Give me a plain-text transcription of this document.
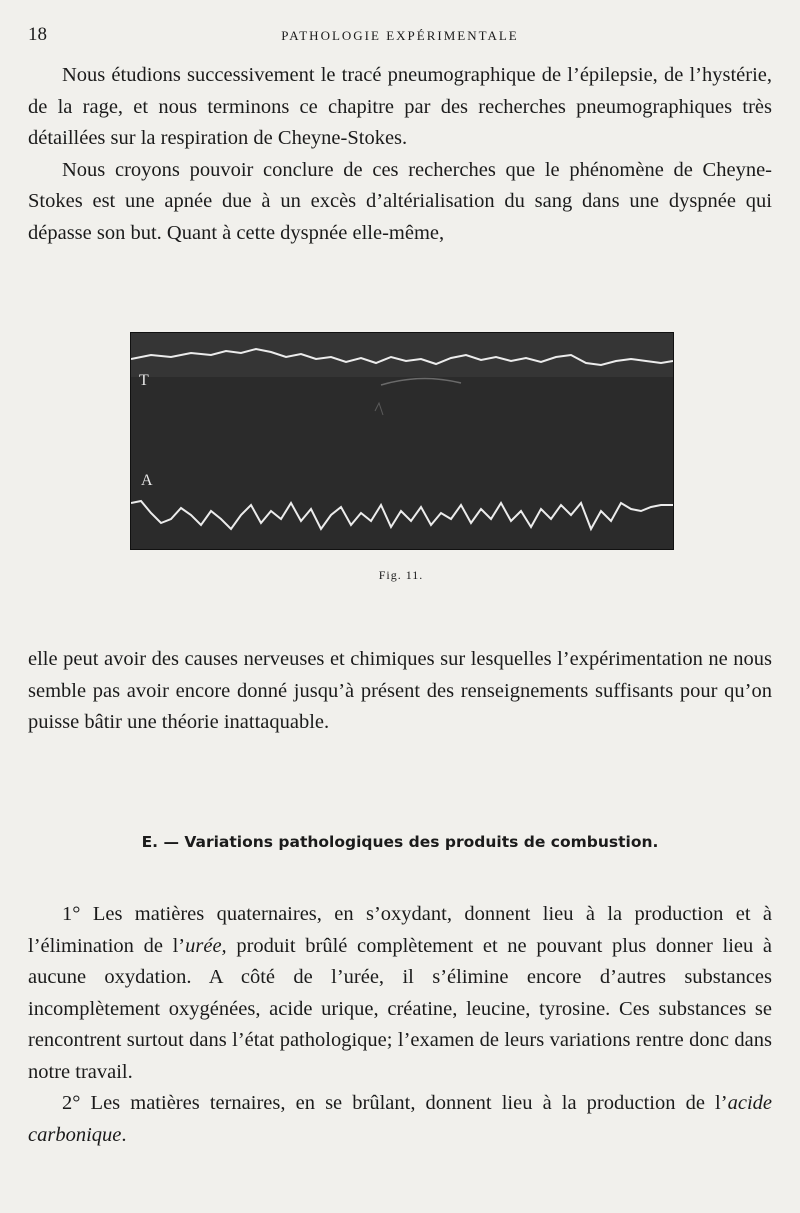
18	PATHOLOGIE EXPÉRIMENTALE

Nous étudions successivement le tracé pneumographique de l’épilepsie, de l’hystérie, de la rage, et nous terminons ce chapitre par des recherches pneumographiques très détaillées sur la respiration de Cheyne-Stokes.

Nous croyons pouvoir conclure de ces recherches que le phénomène de Cheyne-Stokes est une apnée due à un excès d’altérialisation du sang dans une dyspnée qui dépasse son but. Quant à cette dyspnée elle-même,

T
A
Fig. 11.

elle peut avoir des causes nerveuses et chimiques sur lesquelles l’expérimentation ne nous semble pas avoir encore donné jusqu’à présent des renseignements suffisants pour qu’on puisse bâtir une théorie inattaquable.

E. — Variations pathologiques des produits de combustion.

1° Les matières quaternaires, en s’oxydant, donnent lieu à la production et à l’élimination de l’urée, produit brûlé complètement et ne pouvant plus donner lieu à aucune oxydation. A côté de l’urée, il s’élimine encore d’autres substances incomplètement oxygénées, acide urique, créatine, leucine, tyrosine. Ces substances se rencontrent surtout dans l’état pathologique; l’examen de leurs variations rentre donc dans notre travail.

2° Les matières ternaires, en se brûlant, donnent lieu à la production de l’acide carbonique.
